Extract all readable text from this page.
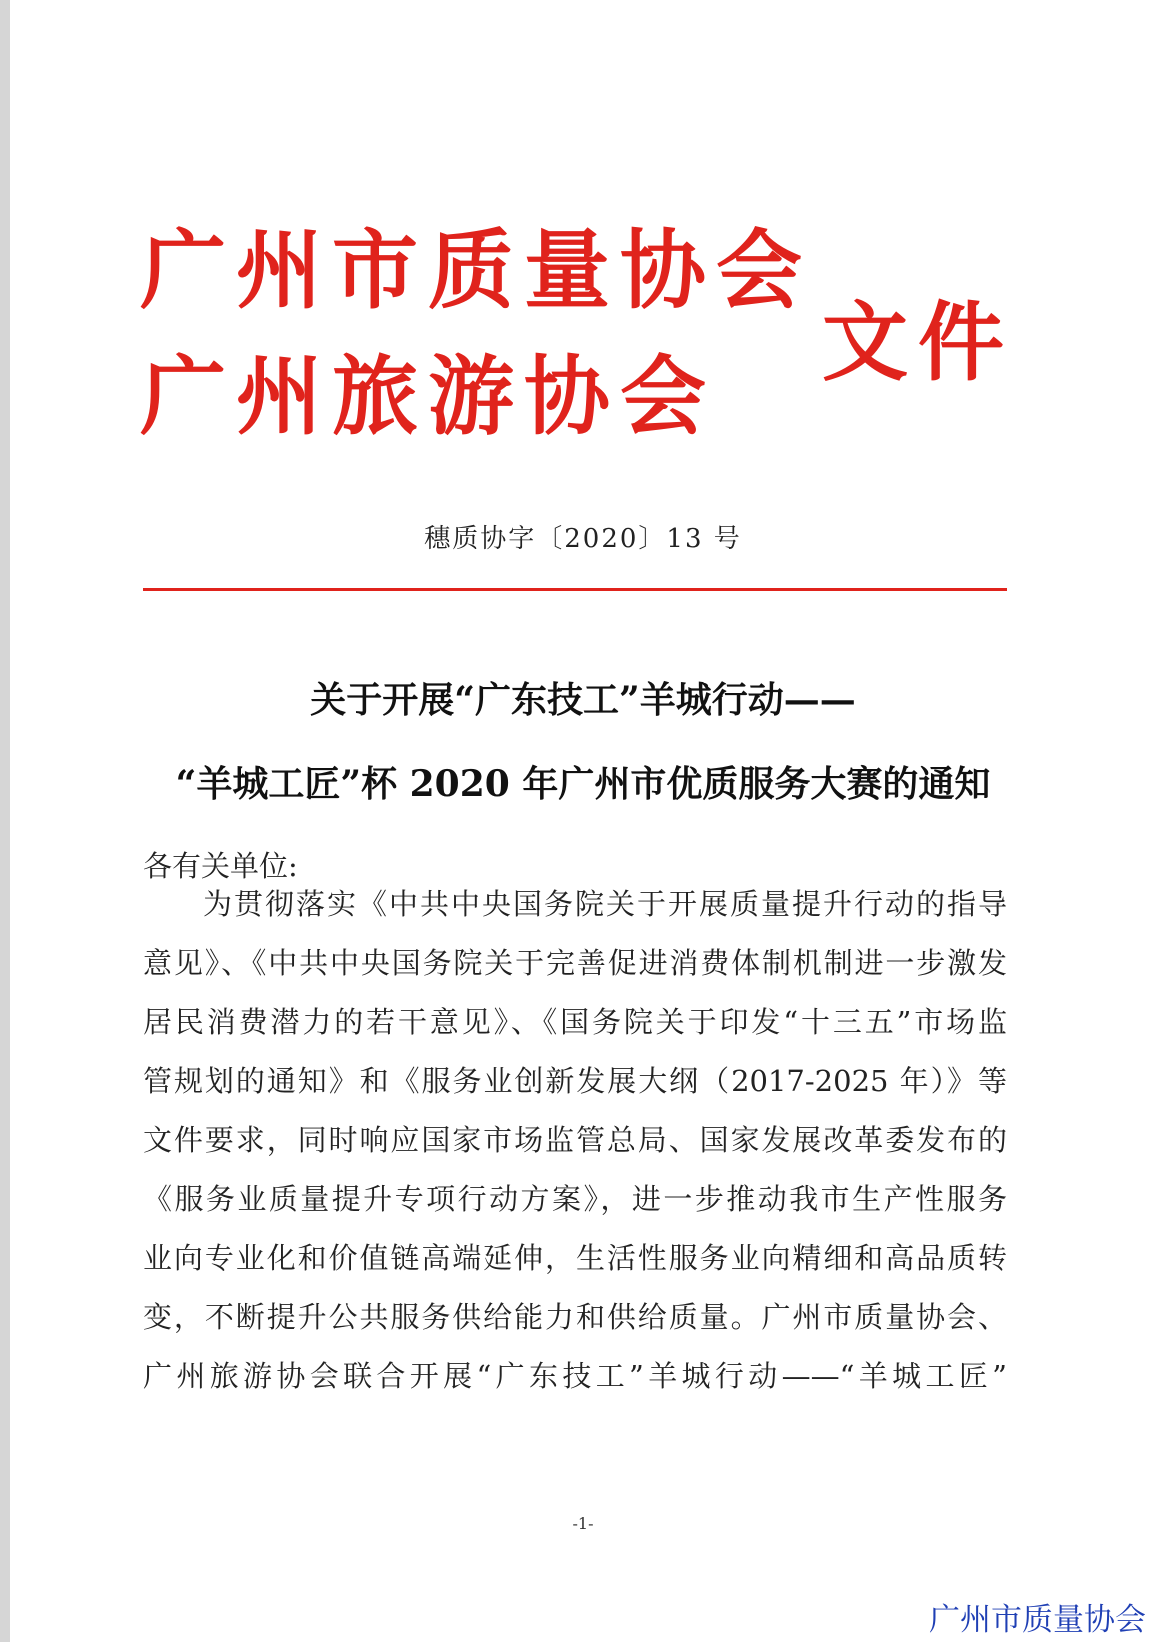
广州市质量协会
广州旅游协会
文件
穗质协字〔2020〕13 号
关于开展“广东技工”羊城行动——
“羊城工匠”杯 2020 年广州市优质服务大赛的通知
各有关单位:
为贯彻落实《中共中央国务院关于开展质量提升行动的指导
意见》、《中共中央国务院关于完善促进消费体制机制进一步激发
居民消费潜力的若干意见》、《国务院关于印发“十三五”市场监
管规划的通知》和《服务业创新发展大纲（2017-2025 年）》等
文件要求，同时响应国家市场监管总局、国家发展改革委发布的
《服务业质量提升专项行动方案》，进一步推动我市生产性服务
业向专业化和价值链高端延伸，生活性服务业向精细和高品质转
变，不断提升公共服务供给能力和供给质量。广州市质量协会、
广州旅游协会联合开展“广东技工”羊城行动——“羊城工匠”
-1-
广州市质量协会
